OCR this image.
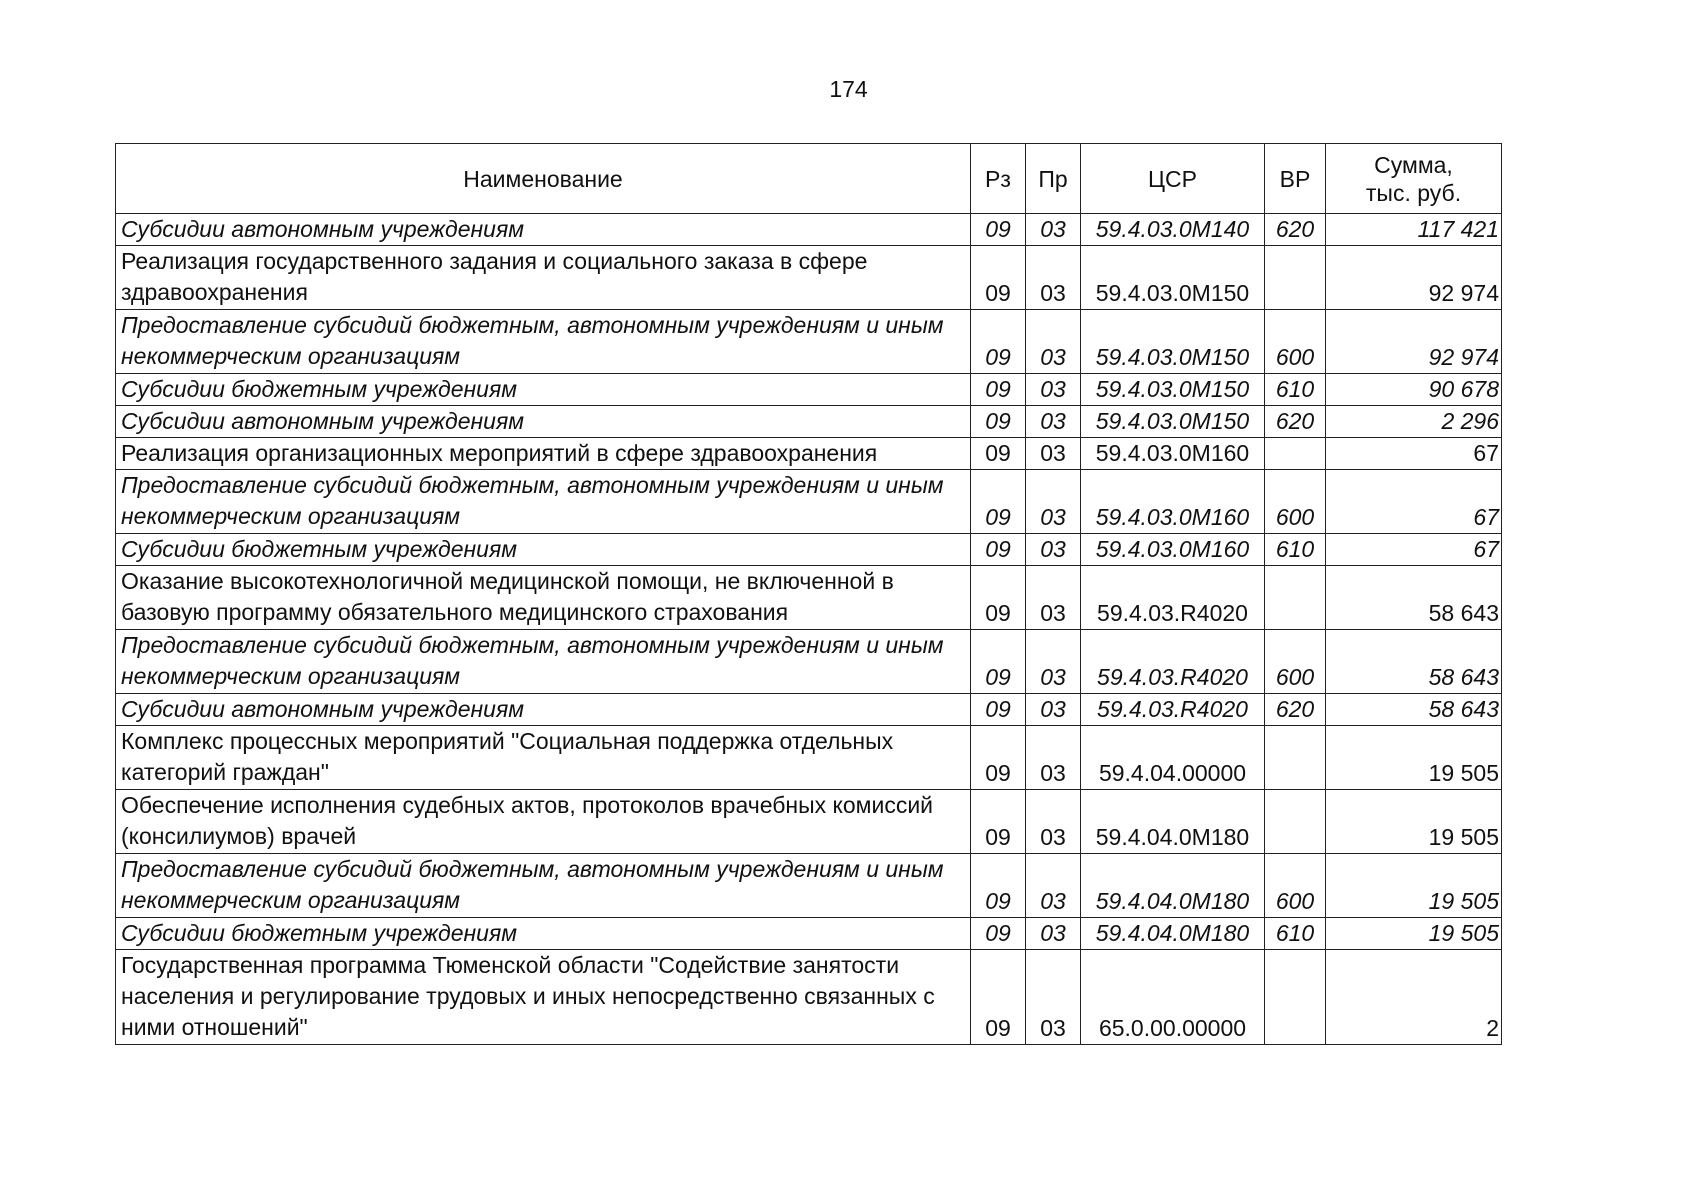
174
Наименование	Рз	Пр	ЦСР	ВР	Сумма,
тыс. руб.
Субсидии автономным учреждениям	09	03	59.4.03.0М140	620	117 421
Реализация государственного задания и социального заказа в сфере здравоохранения	09	03	59.4.03.0М150		92 974
Предоставление субсидий бюджетным, автономным учреждениям и иным некоммерческим организациям	09	03	59.4.03.0М150	600	92 974
Субсидии бюджетным учреждениям	09	03	59.4.03.0М150	610	90 678
Субсидии автономным учреждениям	09	03	59.4.03.0М150	620	2 296
Реализация организационных мероприятий в сфере здравоохранения	09	03	59.4.03.0М160		67
Предоставление субсидий бюджетным, автономным учреждениям и иным некоммерческим организациям	09	03	59.4.03.0М160	600	67
Субсидии бюджетным учреждениям	09	03	59.4.03.0М160	610	67
Оказание высокотехнологичной медицинской помощи, не включенной в базовую программу обязательного медицинского страхования	09	03	59.4.03.R4020		58 643
Предоставление субсидий бюджетным, автономным учреждениям и иным некоммерческим организациям	09	03	59.4.03.R4020	600	58 643
Субсидии автономным учреждениям	09	03	59.4.03.R4020	620	58 643
Комплекс процессных мероприятий "Социальная поддержка отдельных категорий граждан"	09	03	59.4.04.00000		19 505
Обеспечение исполнения судебных актов, протоколов врачебных комиссий (консилиумов) врачей	09	03	59.4.04.0М180		19 505
Предоставление субсидий бюджетным, автономным учреждениям и иным некоммерческим организациям	09	03	59.4.04.0М180	600	19 505
Субсидии бюджетным учреждениям	09	03	59.4.04.0М180	610	19 505
Государственная программа Тюменской области "Содействие занятости населения и регулирование трудовых и иных непосредственно связанных с ними отношений"	09	03	65.0.00.00000		2
